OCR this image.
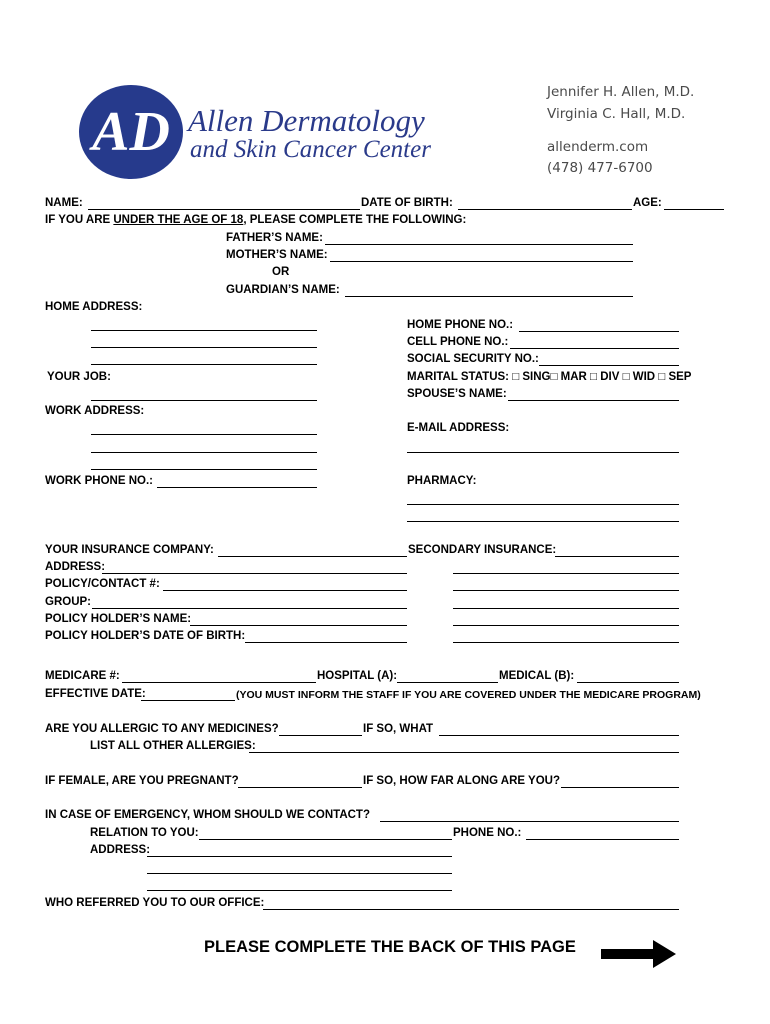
AD Allen Dermatology
and Skin Cancer Center
Jennifer H. Allen, M.D.
Virginia C. Hall, M.D.
allenderm.com
(478) 477-6700
NAME:	DATE OF BIRTH:	AGE:
IF YOU ARE UNDER THE AGE OF 18, PLEASE COMPLETE THE FOLLOWING:
FATHER’S NAME:
MOTHER’S NAME:
OR
GUARDIAN’S NAME:
HOME ADDRESS:
HOME PHONE NO.:
CELL PHONE NO.:
SOCIAL SECURITY NO.:
YOUR JOB:	MARITAL STATUS: □ SING□ MAR □ DIV □ WID □ SEP
SPOUSE’S NAME:
WORK ADDRESS:
E-MAIL ADDRESS:
WORK PHONE NO.:	PHARMACY:
YOUR INSURANCE COMPANY:	SECONDARY INSURANCE:
ADDRESS:
POLICY/CONTACT #:
GROUP:
POLICY HOLDER’S NAME:
POLICY HOLDER’S DATE OF BIRTH:
MEDICARE #:	HOSPITAL (A):	MEDICAL (B):
EFFECTIVE DATE:	(YOU MUST INFORM THE STAFF IF YOU ARE COVERED UNDER THE MEDICARE PROGRAM)
ARE YOU ALLERGIC TO ANY MEDICINES?	IF SO, WHAT
LIST ALL OTHER ALLERGIES:
IF FEMALE, ARE YOU PREGNANT?	IF SO, HOW FAR ALONG ARE YOU?
IN CASE OF EMERGENCY, WHOM SHOULD WE CONTACT?
RELATION TO YOU:	PHONE NO.:
ADDRESS:
WHO REFERRED YOU TO OUR OFFICE:
PLEASE COMPLETE THE BACK OF THIS PAGE
